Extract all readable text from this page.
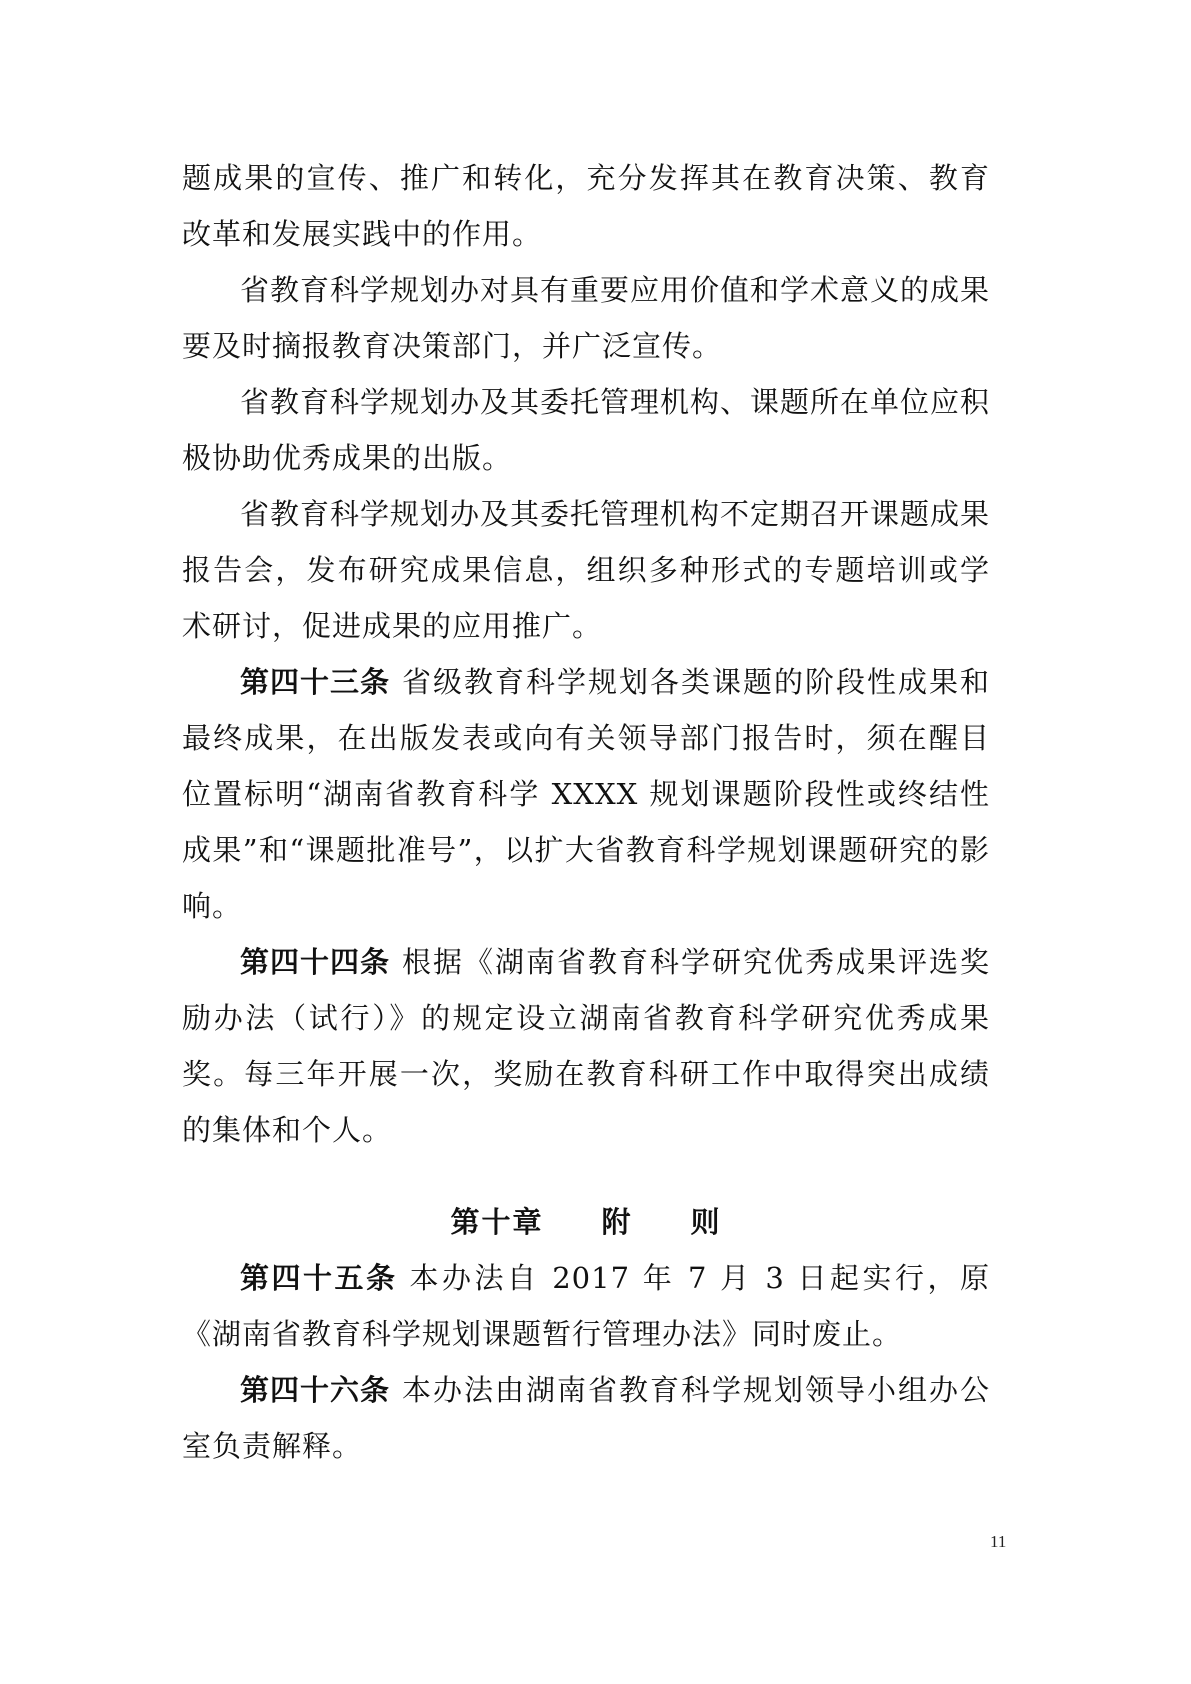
题成果的宣传、推广和转化，充分发挥其在教育决策、教育改革和发展实践中的作用。

省教育科学规划办对具有重要应用价值和学术意义的成果要及时摘报教育决策部门，并广泛宣传。

省教育科学规划办及其委托管理机构、课题所在单位应积极协助优秀成果的出版。

省教育科学规划办及其委托管理机构不定期召开课题成果报告会，发布研究成果信息，组织多种形式的专题培训或学术研讨，促进成果的应用推广。

第四十三条 省级教育科学规划各类课题的阶段性成果和最终成果，在出版发表或向有关领导部门报告时，须在醒目位置标明“湖南省教育科学 XXXX 规划课题阶段性或终结性成果”和“课题批准号”，以扩大省教育科学规划课题研究的影响。

第四十四条 根据《湖南省教育科学研究优秀成果评选奖励办法（试行）》的规定设立湖南省教育科学研究优秀成果奖。每三年开展一次，奖励在教育科研工作中取得突出成绩的集体和个人。

第十章 附 则

第四十五条 本办法自 2017 年 7 月 3 日起实行，原《湖南省教育科学规划课题暂行管理办法》同时废止。

第四十六条 本办法由湖南省教育科学规划领导小组办公室负责解释。

11
